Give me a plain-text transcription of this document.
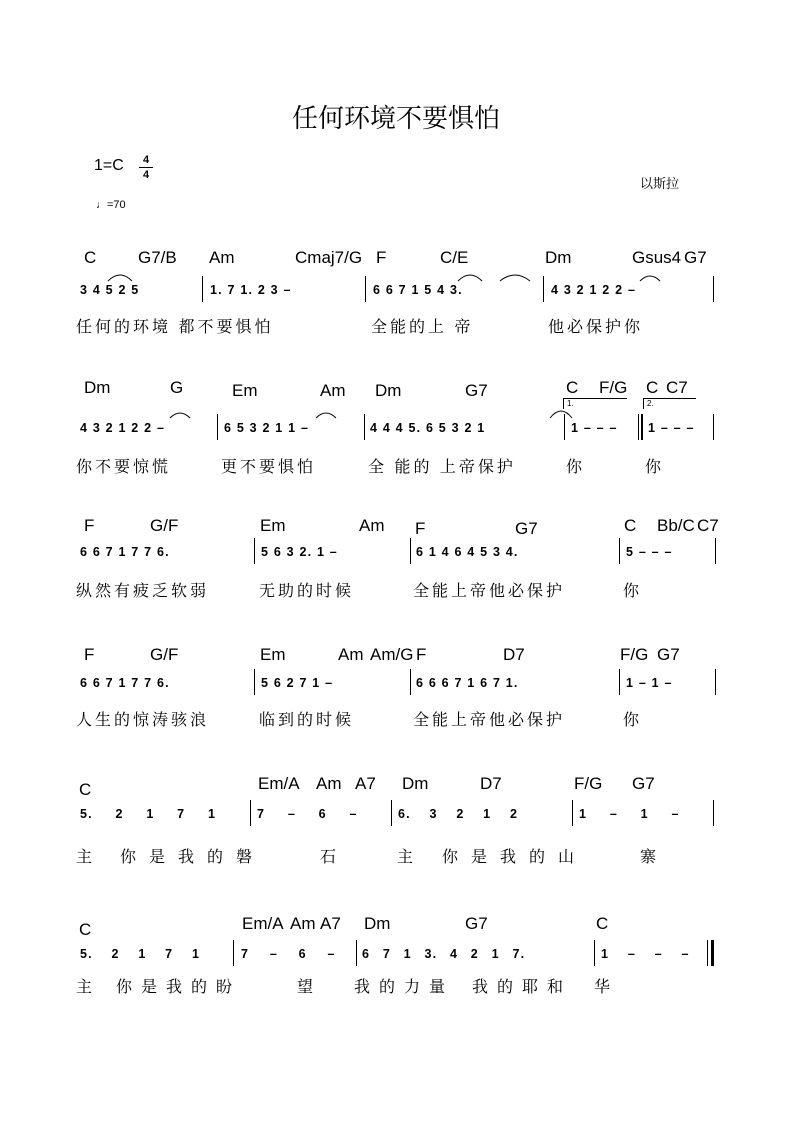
任何环境不要惧怕
1=C	4
4
♩=70
以斯拉
C G7/B Am	Cmaj7/G F	C/E	Dm	Gsus4 G7
3 4 5 2 5	1. 7 1. 2 3 –	6 6 7 1 5 4 3.	4 3 2 1 2 2 –
任何的环境 都不要惧怕	全能的上 帝	他必保护你
Dm	G	Em	Am Dm	G7	C F/G C C7
1.	2.
4 3 2 1 2 2 –	6 5 3 2 1 1 –	4 4 4 5. 6 5 3 2 1	1 – – –	1 – – –
你不要惊慌	更不要惧怕	全 能的 上帝保护	你	你
F	G/F	Em	Am F	G7	C Bb/C C7
6 6 7 1 7 7 6.	5 6 3 2. 1 –	6 1 4 6 4 5 3 4.	5 – – –
纵然有疲乏软弱	无助的时候	全能上帝他必保护	你
F	G/F	Em	Am Am/G F	D7	F/G G7
6 6 7 1 7 7 6.	5 6 2 7 1 –	6 6 6 7 1 6 7 1.	1 – 1 –
人生的惊涛骇浪	临到的时候	全能上帝他必保护	你
C	Em/A Am A7 Dm	D7	F/G G7
5. 2 1 7 1	7 – 6 –	6. 3 2 1 2	1 – 1 –
主 你是我的磐	石	主 你是我的山	寨
C	Em/A Am A7 Dm	G7	C
5. 2 1 7 1	7 – 6 –	6 7 1 3. 4 2 1 7.	1 – – –
主 你是我的盼	望 我的力量 我的耶和 华
